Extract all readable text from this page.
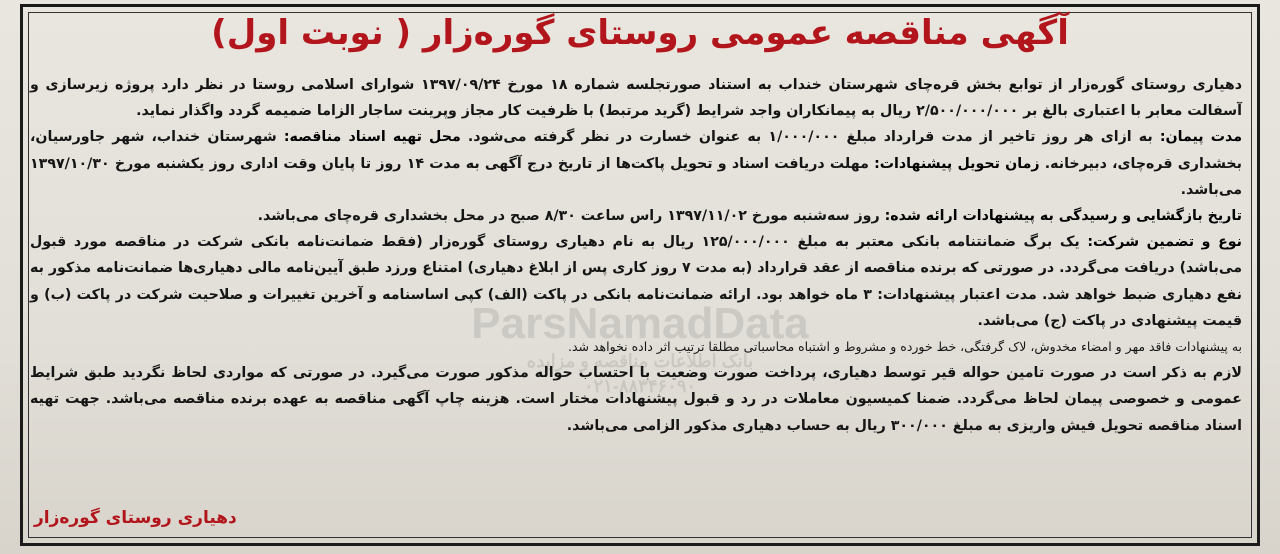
آگهی مناقصه عمومی روستای گوره‌زار ( نوبت اول)
ParsNamadData
بانک اطلاعات مناقصه و مزایده
۰۲۱-۸۸۳۴۶۰۹۰

دهیاری روستای گوره‌زار از توابع بخش قره‌چای شهرستان خنداب به استناد صورتجلسه شماره ۱۸ مورخ ۱۳۹۷/۰۹/۲۴ شوارای اسلامی روستا در نظر دارد پروژه زیرسازی و آسفالت معابر با اعتباری بالغ بر ۲/۵۰۰/۰۰۰/۰۰۰ ریال به پیمانکاران واجد شرایط (گرید مرتبط) با ظرفیت کار مجاز وپرینت ساجار الزاما ضمیمه گردد واگذار نماید.

مدت پیمان: به ازای هر روز تاخیر از مدت قرارداد مبلغ ۱/۰۰۰/۰۰۰ به عنوان خسارت در نظر گرفته می‌شود. محل تهیه اسناد مناقصه: شهرستان خنداب، شهر جاورسیان، بخشداری قره‌چای، دبیرخانه. زمان تحویل پیشنهادات: مهلت دریافت اسناد و تحویل پاکت‌ها از تاریخ درج آگهی به مدت ۱۴ روز تا پایان وقت اداری روز یکشنبه مورخ ۱۳۹۷/۱۰/۳۰ می‌باشد.

تاریخ بازگشایی و رسیدگی به پیشنهادات ارائه شده: روز سه‌شنبه مورخ ۱۳۹۷/۱۱/۰۲ راس ساعت ۸/۳۰ صبح در محل بخشداری قره‌چای می‌باشد.

نوع و تضمین شرکت: یک برگ ضمانتنامه بانکی معتبر به مبلغ ۱۲۵/۰۰۰/۰۰۰ ریال به نام دهیاری روستای گوره‌زار (فقط ضمانت‌نامه بانکی شرکت در مناقصه مورد قبول می‌باشد) دریافت می‌گردد. در صورتی که برنده مناقصه از عقد قرارداد (به مدت ۷ روز کاری پس از ابلاغ دهیاری) امتناع ورزد طبق آیین‌نامه مالی دهیاری‌ها ضمانت‌نامه مذکور به نفع دهیاری ضبط خواهد شد. مدت اعتبار پیشنهادات: ۳ ماه خواهد بود. ارائه ضمانت‌نامه بانکی در پاکت (الف) کپی اساسنامه و آخرین تغییرات و صلاحیت شرکت در پاکت (ب) و قیمت پیشنهادی در پاکت (ج) می‌باشد.

به پیشنهادات فاقد مهر و امضاء مخدوش، لاک گرفتگی، خط خورده و مشروط و اشتباه محاسباتی مطلقا ترتیب اثر داده نخواهد شد.

لازم به ذکر است در صورت تامین حواله قیر توسط دهیاری، پرداخت صورت وضعیت با احتساب حواله مذکور صورت می‌گیرد. در صورتی که مواردی لحاظ نگردید طبق شرایط عمومی و خصوصی پیمان لحاظ می‌گردد. ضمنا کمیسیون معاملات در رد و قبول پیشنهادات مختار است. هزینه چاپ آگهی مناقصه به عهده برنده مناقصه می‌باشد. جهت تهیه اسناد مناقصه تحویل فیش واریزی به مبلغ ۳۰۰/۰۰۰ ریال به حساب دهیاری مذکور الزامی می‌باشد.

دهیاری روستای گوره‌زار
